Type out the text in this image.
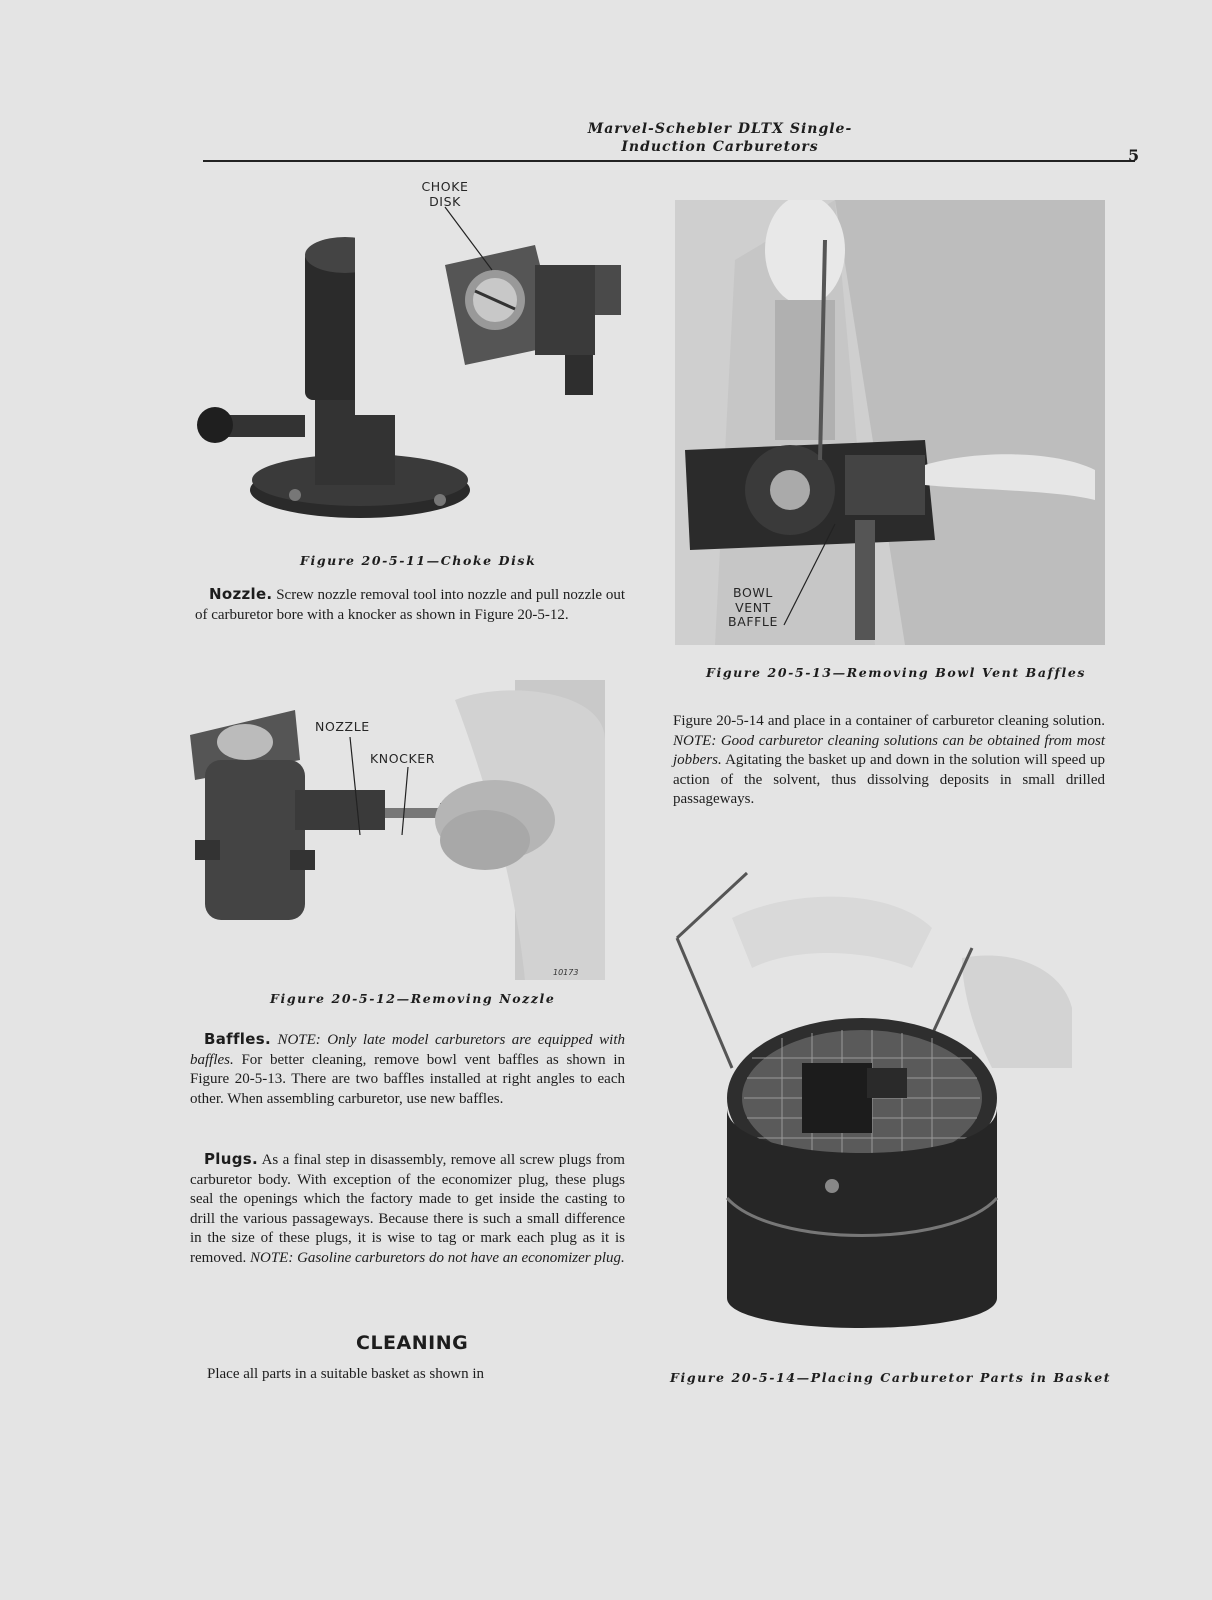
Marvel-Schebler DLTX Single-
Induction Carburetors	5
CHOKE
DISK
Figure 20-5-11—Choke Disk
Nozzle. Screw nozzle removal tool into nozzle and pull nozzle out of carburetor bore with a knocker as shown in Figure 20-5-12.
NOZZLE
KNOCKER
10173
Figure 20-5-12—Removing Nozzle
Baffles. NOTE: Only late model carburetors are equipped with baffles. For better cleaning, remove bowl vent baffles as shown in Figure 20-5-13. There are two baffles installed at right angles to each other. When assembling carburetor, use new baffles.
Plugs. As a final step in disassembly, remove all screw plugs from carburetor body. With exception of the economizer plug, these plugs seal the openings which the factory made to get inside the casting to drill the various passageways. Because there is such a small difference in the size of these plugs, it is wise to tag or mark each plug as it is removed. NOTE: Gasoline carburetors do not have an economizer plug.
CLEANING
Place all parts in a suitable basket as shown in
BOWL
VENT
BAFFLE
Figure 20-5-13—Removing Bowl Vent Baffles
Figure 20-5-14 and place in a container of carburetor cleaning solution. NOTE: Good carburetor cleaning solutions can be obtained from most jobbers. Agitating the basket up and down in the solution will speed up action of the solvent, thus dissolving deposits in small drilled passageways.
Figure 20-5-14—Placing Carburetor Parts in Basket
